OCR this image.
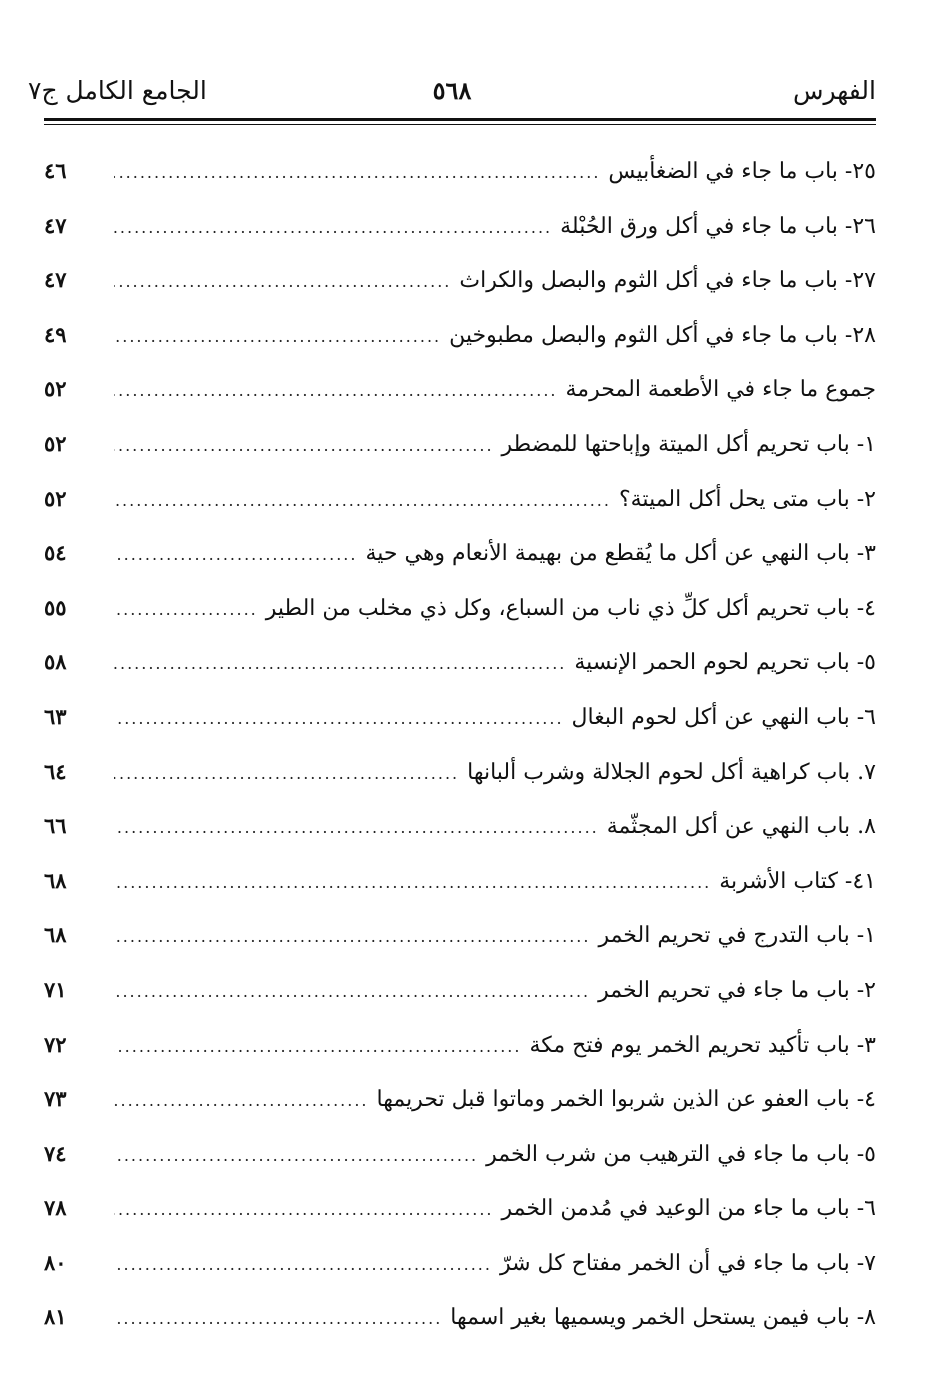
الفهرس
٥٦٨
الجامع الكامل ج٧
٢٥- باب ما جاء في الضغأبيس
.....
٤٦
٢٦- باب ما جاء في أكل ورق الحُبْلة
.....
٤٧
٢٧- باب ما جاء في أكل الثوم والبصل والكراث
.....
٤٧
٢٨- باب ما جاء في أكل الثوم والبصل مطبوخين
.....
٤٩
جموع ما جاء في الأطعمة المحرمة
.....
٥٢
١- باب تحريم أكل الميتة وإباحتها للمضطر
.....
٥٢
٢- باب متى يحل أكل الميتة؟
.....
٥٢
٣- باب النهي عن أكل ما يُقطع من بهيمة الأنعام وهي حية
.....
٥٤
٤- باب تحريم أكل كلِّ ذي ناب من السباع، وكل ذي مخلب من الطير
.....
٥٥
٥- باب تحريم لحوم الحمر الإنسية
.....
٥٨
٦- باب النهي عن أكل لحوم البغال
.....
٦٣
٧. باب كراهية أكل لحوم الجلالة وشرب ألبانها
.....
٦٤
٨. باب النهي عن أكل المجثّمة
.....
٦٦
٤١- كتاب الأشربة
.....
٦٨
١- باب التدرج في تحريم الخمر
.....
٦٨
٢- باب ما جاء في تحريم الخمر
.....
٧١
٣- باب تأكيد تحريم الخمر يوم فتح مكة
.....
٧٢
٤- باب العفو عن الذين شربوا الخمر وماتوا قبل تحريمها
.....
٧٣
٥- باب ما جاء في الترهيب من شرب الخمر
.....
٧٤
٦- باب ما جاء من الوعيد في مُدمن الخمر
.....
٧٨
٧- باب ما جاء في أن الخمر مفتاح كل شرّ
.....
٨٠
٨- باب فيمن يستحل الخمر ويسميها بغير اسمها
.....
٨١
